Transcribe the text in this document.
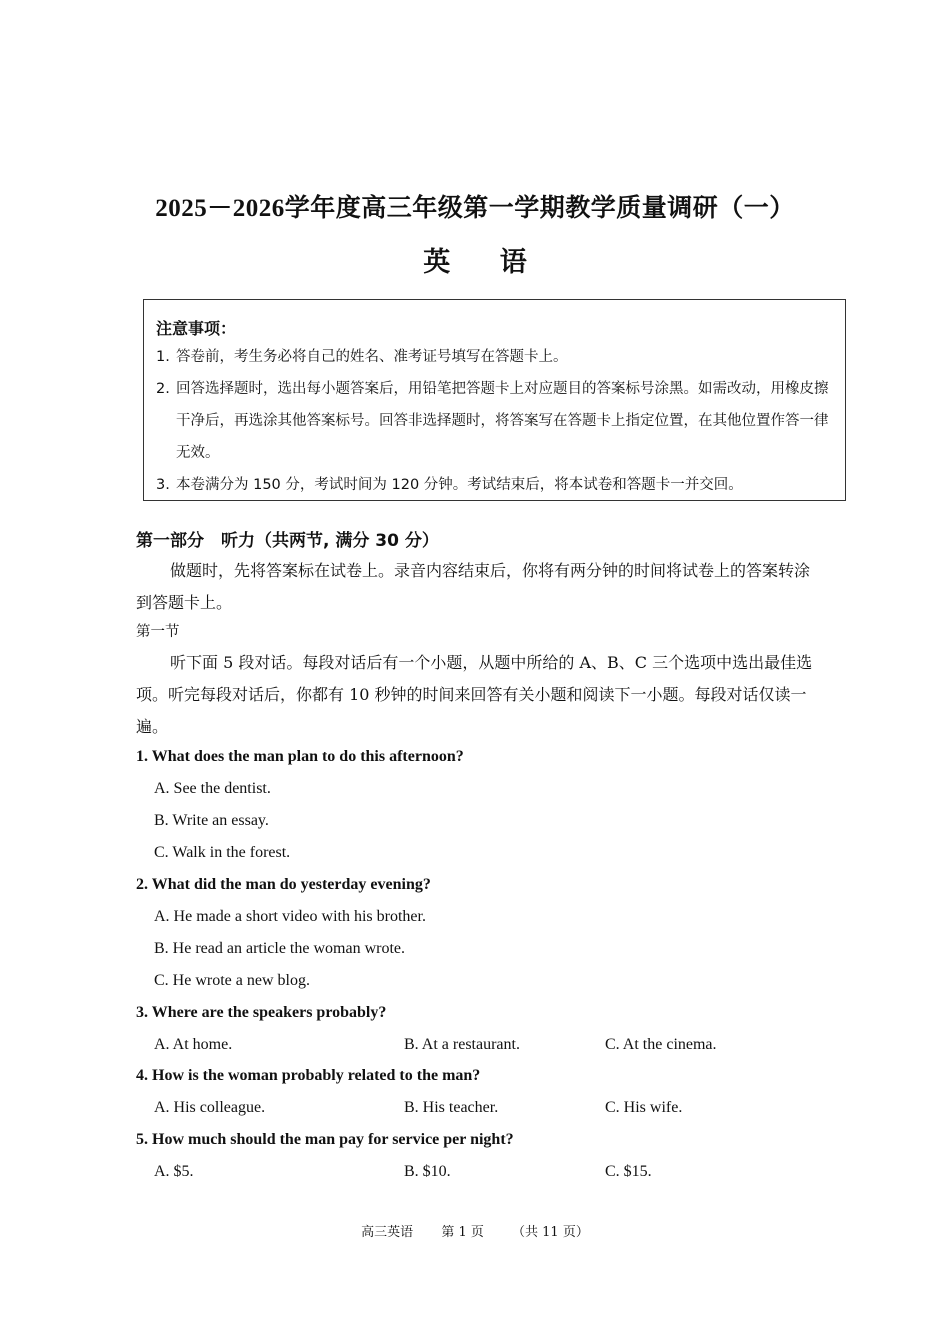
2025－2026学年度高三年级第一学期教学质量调研（一）
英 语
注意事项：
1. 答卷前，考生务必将自己的姓名、准考证号填写在答题卡上。
2. 回答选择题时，选出每小题答案后，用铅笔把答题卡上对应题目的答案标号涂黑。如需改动，用橡皮擦干净后，再选涂其他答案标号。回答非选择题时，将答案写在答题卡上指定位置，在其他位置作答一律无效。
3. 本卷满分为 150 分，考试时间为 120 分钟。考试结束后，将本试卷和答题卡一并交回。
第一部分　听力（共两节, 满分 30 分）
做题时，先将答案标在试卷上。录音内容结束后，你将有两分钟的时间将试卷上的答案转涂到答题卡上。
第一节
听下面 5 段对话。每段对话后有一个小题，从题中所给的 A、B、C 三个选项中选出最佳选项。听完每段对话后，你都有 10 秒钟的时间来回答有关小题和阅读下一小题。每段对话仅读一遍。
1. What does the man plan to do this afternoon?
A. See the dentist.
B. Write an essay.
C. Walk in the forest.
2. What did the man do yesterday evening?
A. He made a short video with his brother.
B. He read an article the woman wrote.
C. He wrote a new blog.
3. Where are the speakers probably?
A. At home.	B. At a restaurant.	C. At the cinema.
4. How is the woman probably related to the man?
A. His colleague.	B. His teacher.	C. His wife.
5. How much should the man pay for service per night?
A. $5.	B. $10.	C. $15.
高三英语 第 1 页 （共 11 页）
